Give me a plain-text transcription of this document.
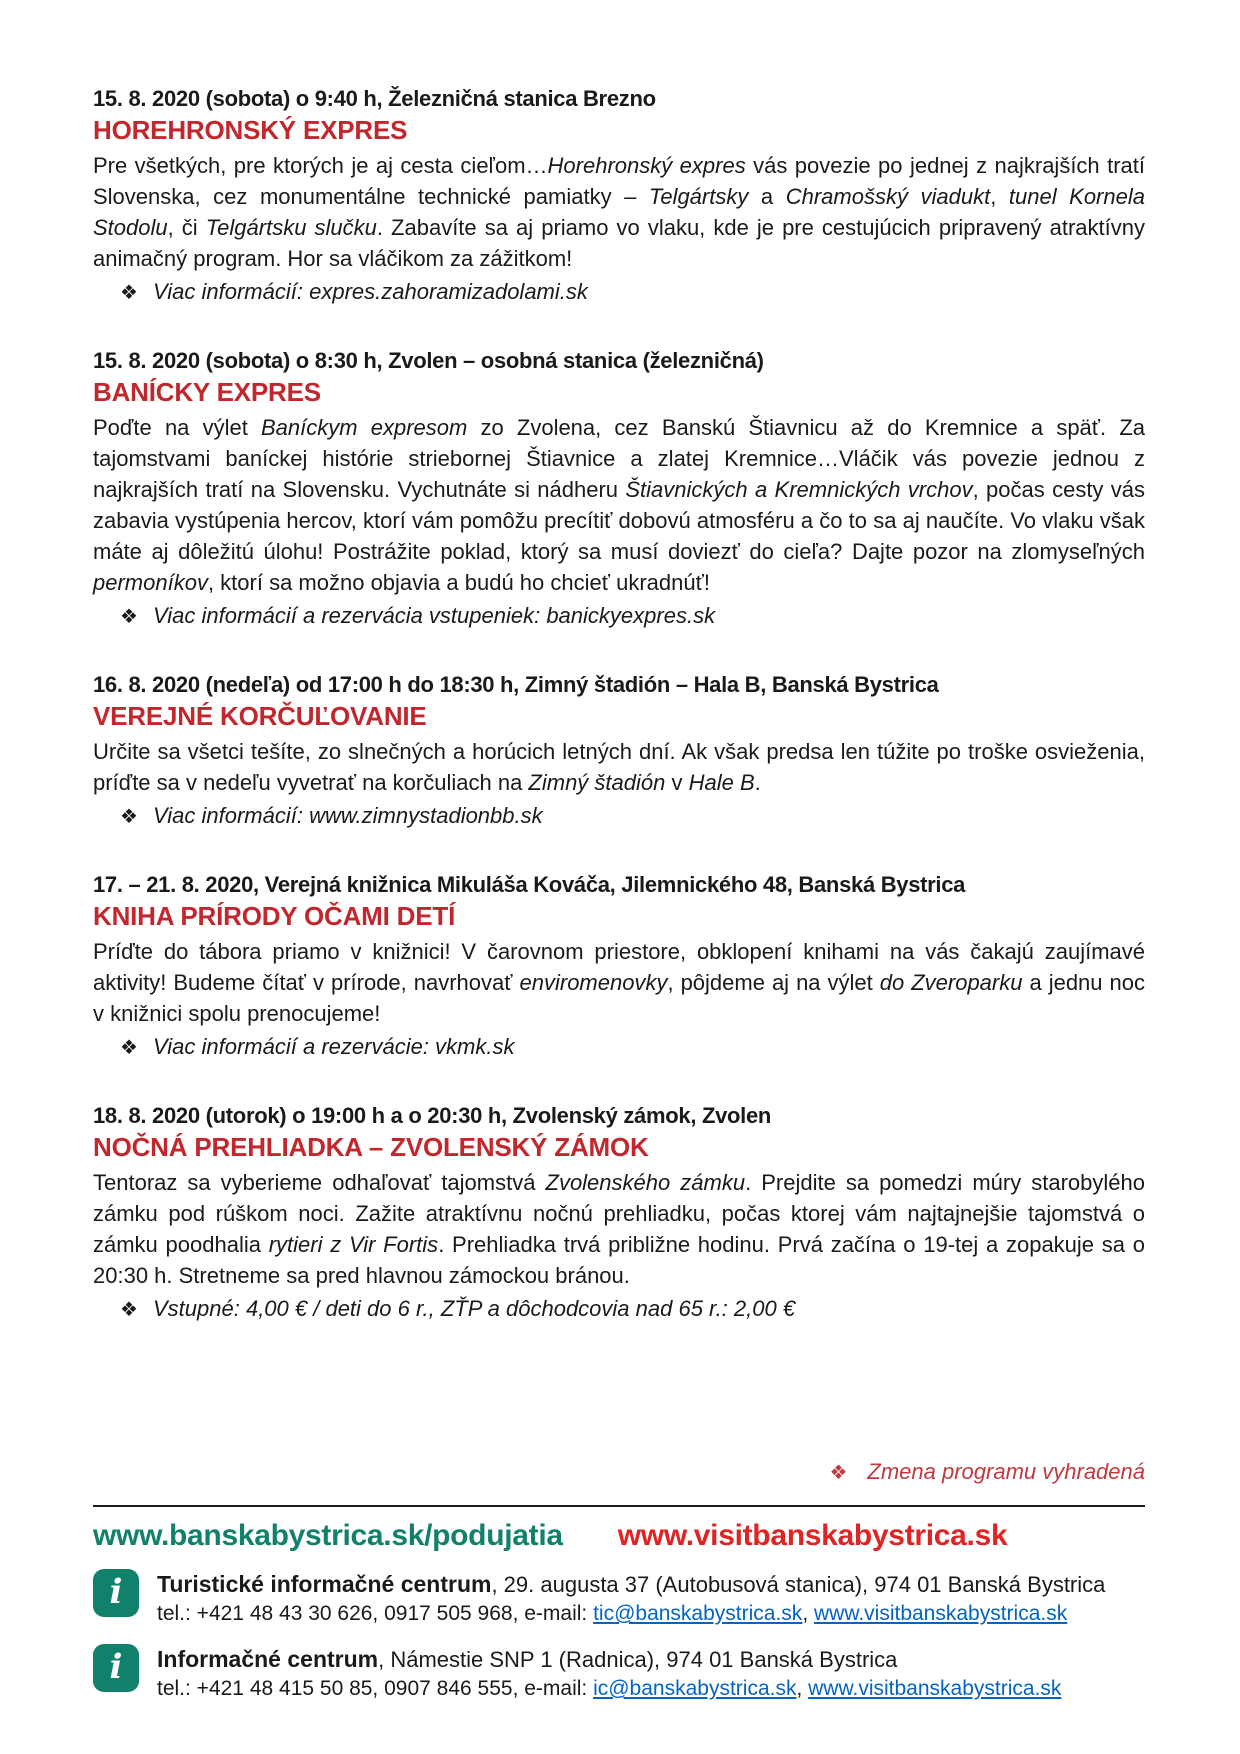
15. 8. 2020 (sobota) o 9:40 h, Železničná stanica Brezno
HOREHRONSKÝ EXPRES

Pre všetkých, pre ktorých je aj cesta cieľom…Horehronský expres vás povezie po jednej z najkrajších tratí Slovenska, cez monumentálne technické pamiatky – Telgártsky a Chramošský viadukt, tunel Kornela Stodolu, či Telgártsku slučku. Zabavíte sa aj priamo vo vlaku, kde je pre cestujúcich pripravený atraktívny animačný program. Hor sa vláčikom za zážitkom!

❖ Viac informácií: expres.zahoramizadolami.sk
15. 8. 2020 (sobota) o 8:30 h, Zvolen – osobná stanica (železničná)
BANÍCKY EXPRES

Poďte na výlet Baníckym expresom zo Zvolena, cez Banskú Štiavnicu až do Kremnice a späť. Za tajomstvami baníckej histórie striebornej Štiavnice a zlatej Kremnice…Vláčik vás povezie jednou z najkrajších tratí na Slovensku. Vychutnáte si nádheru Štiavnických a Kremnických vrchov, počas cesty vás zabavia vystúpenia hercov, ktorí vám pomôžu precítiť dobovú atmosféru a čo to sa aj naučíte. Vo vlaku však máte aj dôležitú úlohu! Postrážite poklad, ktorý sa musí doviezť do cieľa? Dajte pozor na zlomyseľných permoníkov, ktorí sa možno objavia a budú ho chcieť ukradnúť!

❖ Viac informácií a rezervácia vstupeniek: banickyexpres.sk
16. 8. 2020 (nedeľa) od 17:00 h do 18:30 h, Zimný štadión – Hala B, Banská Bystrica
VEREJNÉ KORČUĽOVANIE

Určite sa všetci tešíte, zo slnečných a horúcich letných dní. Ak však predsa len túžite po troške osvieženia, príďte sa v nedeľu vyvetrať na korčuliach na Zimný štadión v Hale B.

❖ Viac informácií: www.zimnystadionbb.sk
17. – 21. 8. 2020, Verejná knižnica Mikuláša Kováča, Jilemnického 48, Banská Bystrica
KNIHA PRÍRODY OČAMI DETÍ

Príďte do tábora priamo v knižnici! V čarovnom priestore, obklopení knihami na vás čakajú zaujímavé aktivity! Budeme čítať v prírode, navrhovať enviromenovky, pôjdeme aj na výlet do Zveroparku a jednu noc v knižnici spolu prenocujeme!

❖ Viac informácií a rezervácie: vkmk.sk
18. 8. 2020 (utorok) o 19:00 h a o 20:30 h, Zvolenský zámok, Zvolen
NOČNÁ PREHLIADKA – ZVOLENSKÝ ZÁMOK

Tentoraz sa vyberieme odhaľovať tajomstvá Zvolenského zámku. Prejdite sa pomedzi múry starobylého zámku pod rúškom noci. Zažite atraktívnu nočnú prehliadku, počas ktorej vám najtajnejšie tajomstvá o zámku poodhalia rytieri z Vir Fortis. Prehliadka trvá približne hodinu. Prvá začína o 19-tej a zopakuje sa o 20:30 h. Stretneme sa pred hlavnou zámockou bránou.

❖ Vstupné: 4,00 € / deti do 6 r., ZŤP a dôchodcovia nad 65 r.: 2,00 €
❖ Zmena programu vyhradená
www.banskabystrica.sk/podujatia www.visitbanskabystrica.sk
i Turistické informačné centrum, 29. augusta 37 (Autobusová stanica), 974 01 Banská Bystrica
tel.: +421 48 43 30 626, 0917 505 968, e-mail: tic@banskabystrica.sk, www.visitbanskabystrica.sk
i Informačné centrum, Námestie SNP 1 (Radnica), 974 01 Banská Bystrica
tel.: +421 48 415 50 85, 0907 846 555, e-mail: ic@banskabystrica.sk, www.visitbanskabystrica.sk
